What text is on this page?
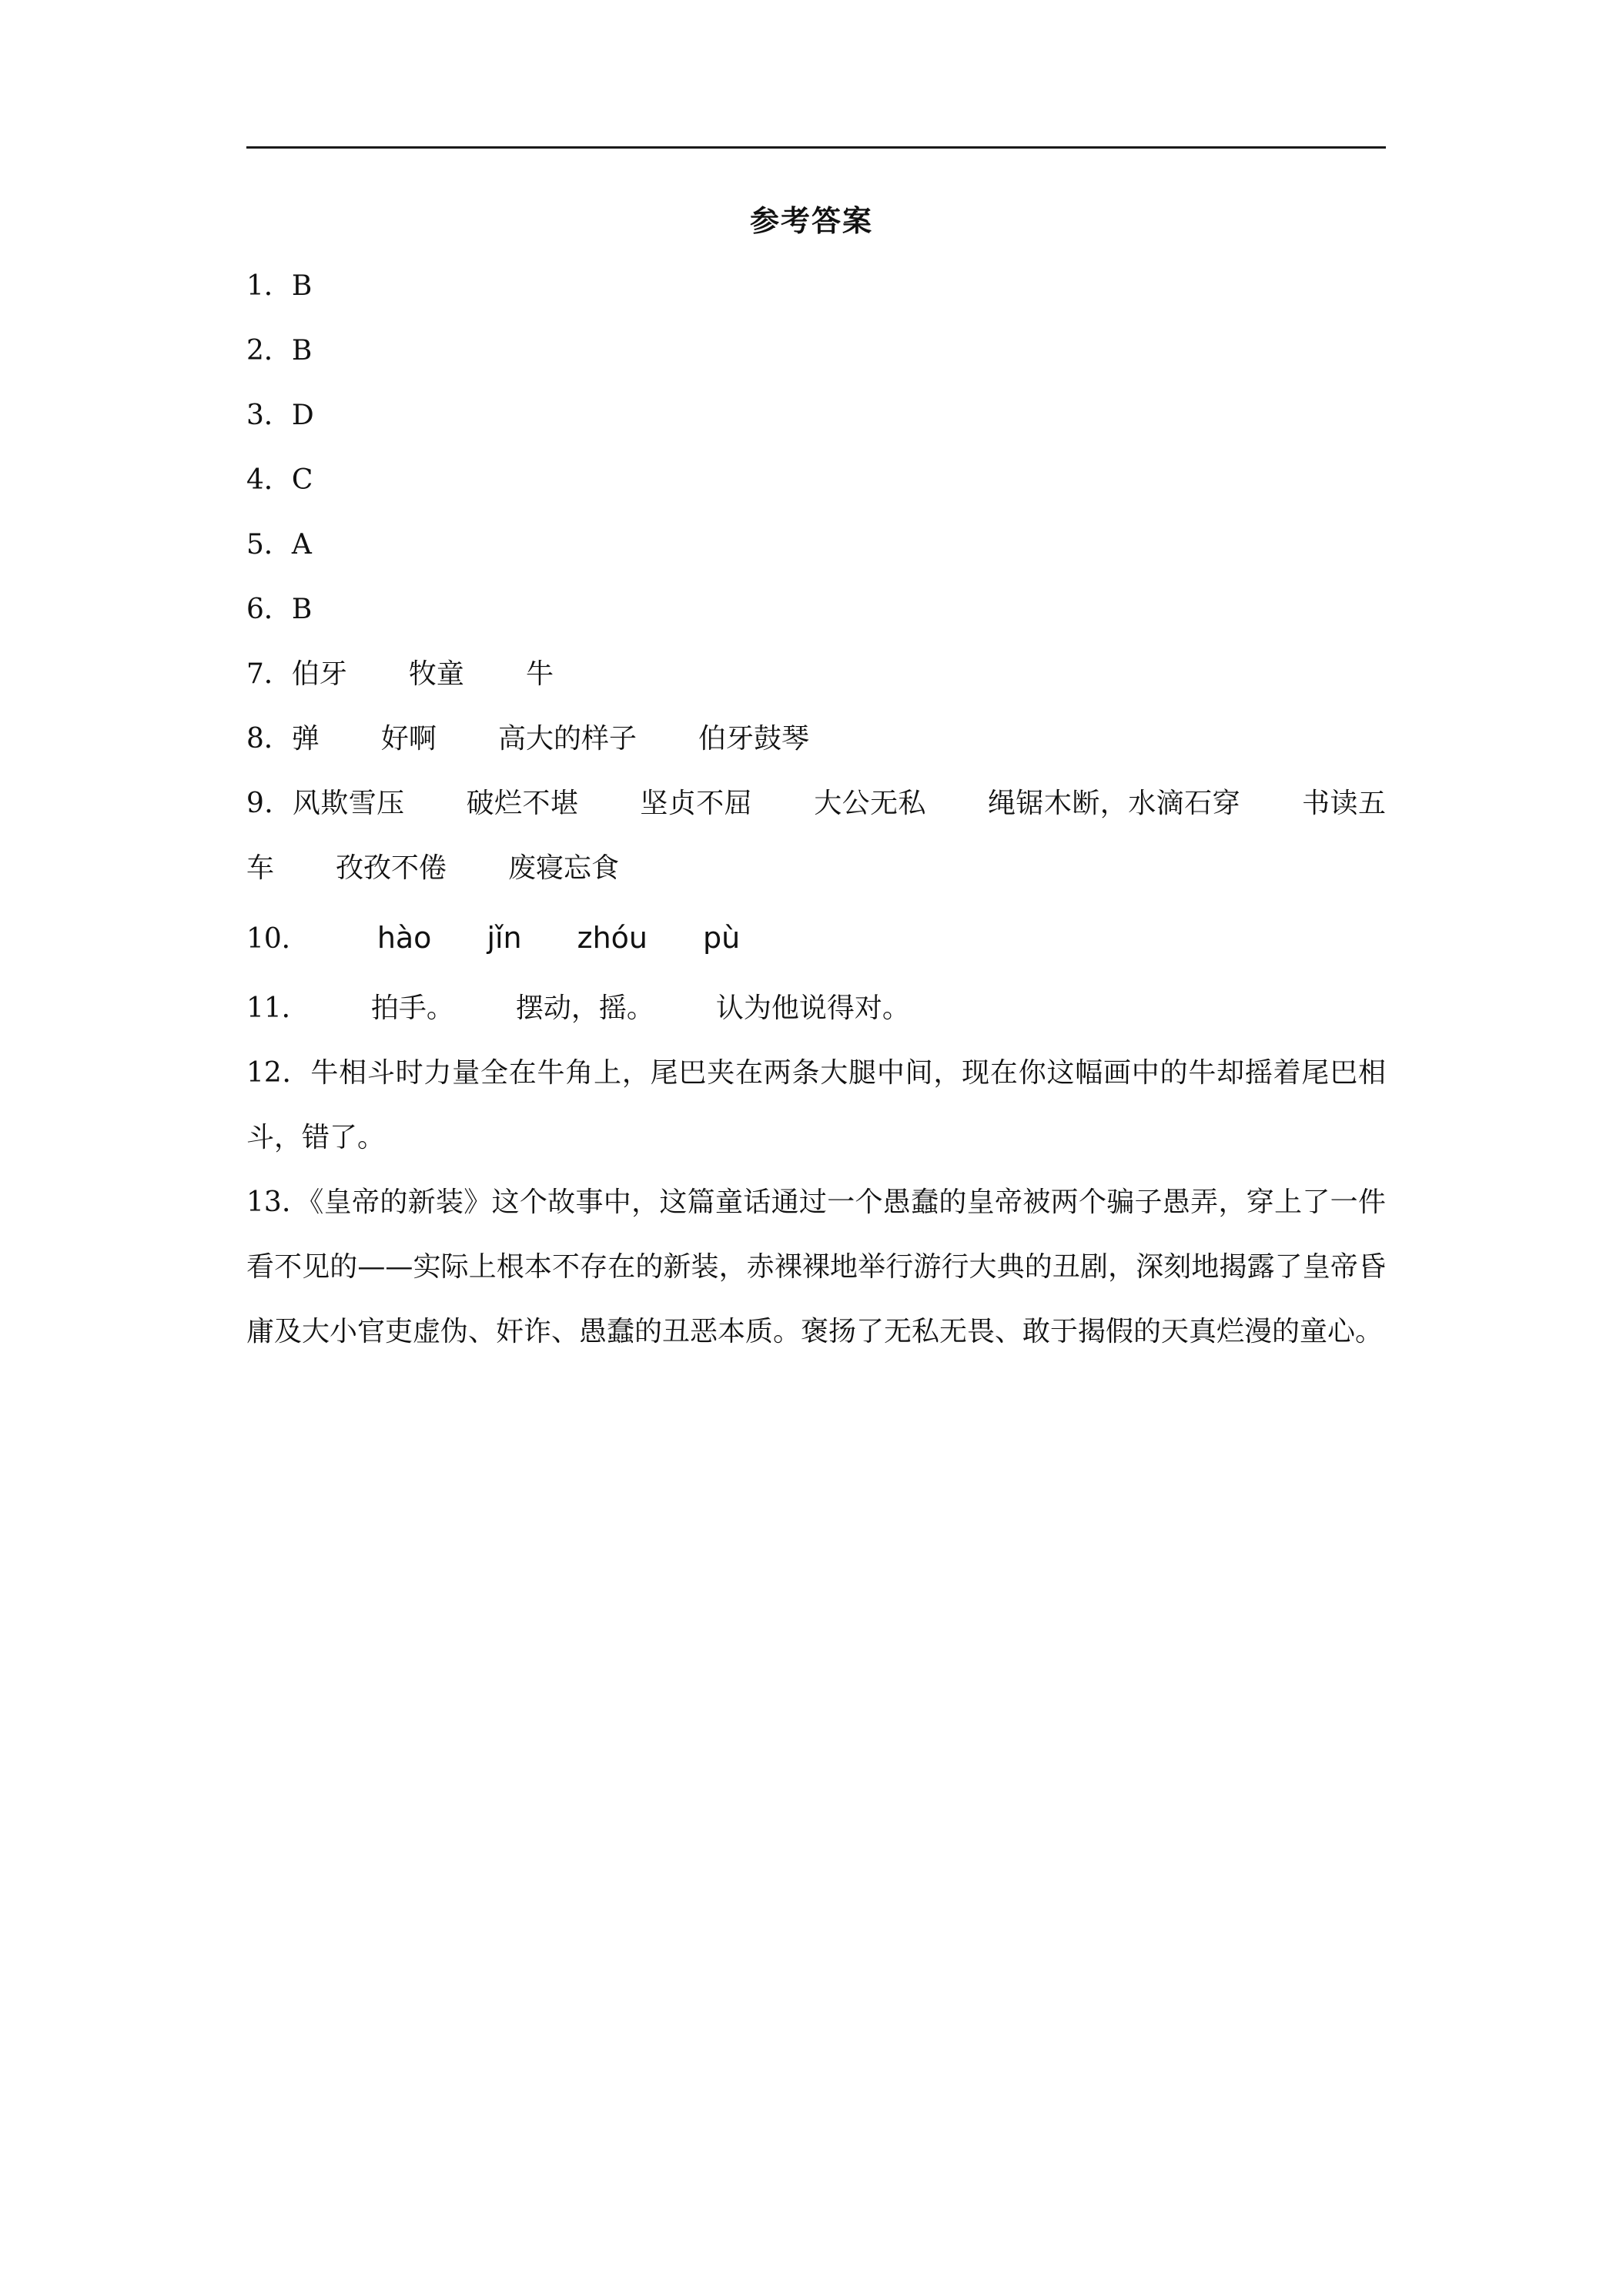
参考答案
1．B
2．B
3．D
4．C
5．A
6．B
7．伯牙 牧童 牛
8．弹 好啊 高大的样子 伯牙鼓琴
9．风欺雪压 破烂不堪 坚贞不屈 大公无私 绳锯木断，水滴石穿 书读五车 孜孜不倦 废寝忘食
10． hào jǐn zhóu pù
11． 拍手。 摆动，摇。 认为他说得对。
12．牛相斗时力量全在牛角上，尾巴夹在两条大腿中间，现在你这幅画中的牛却摇着尾巴相斗，错了。
13．《皇帝的新装》这个故事中，这篇童话通过一个愚蠢的皇帝被两个骗子愚弄，穿上了一件看不见的——实际上根本不存在的新装，赤裸裸地举行游行大典的丑剧，深刻地揭露了皇帝昏庸及大小官吏虚伪、奸诈、愚蠢的丑恶本质。褒扬了无私无畏、敢于揭假的天真烂漫的童心。
